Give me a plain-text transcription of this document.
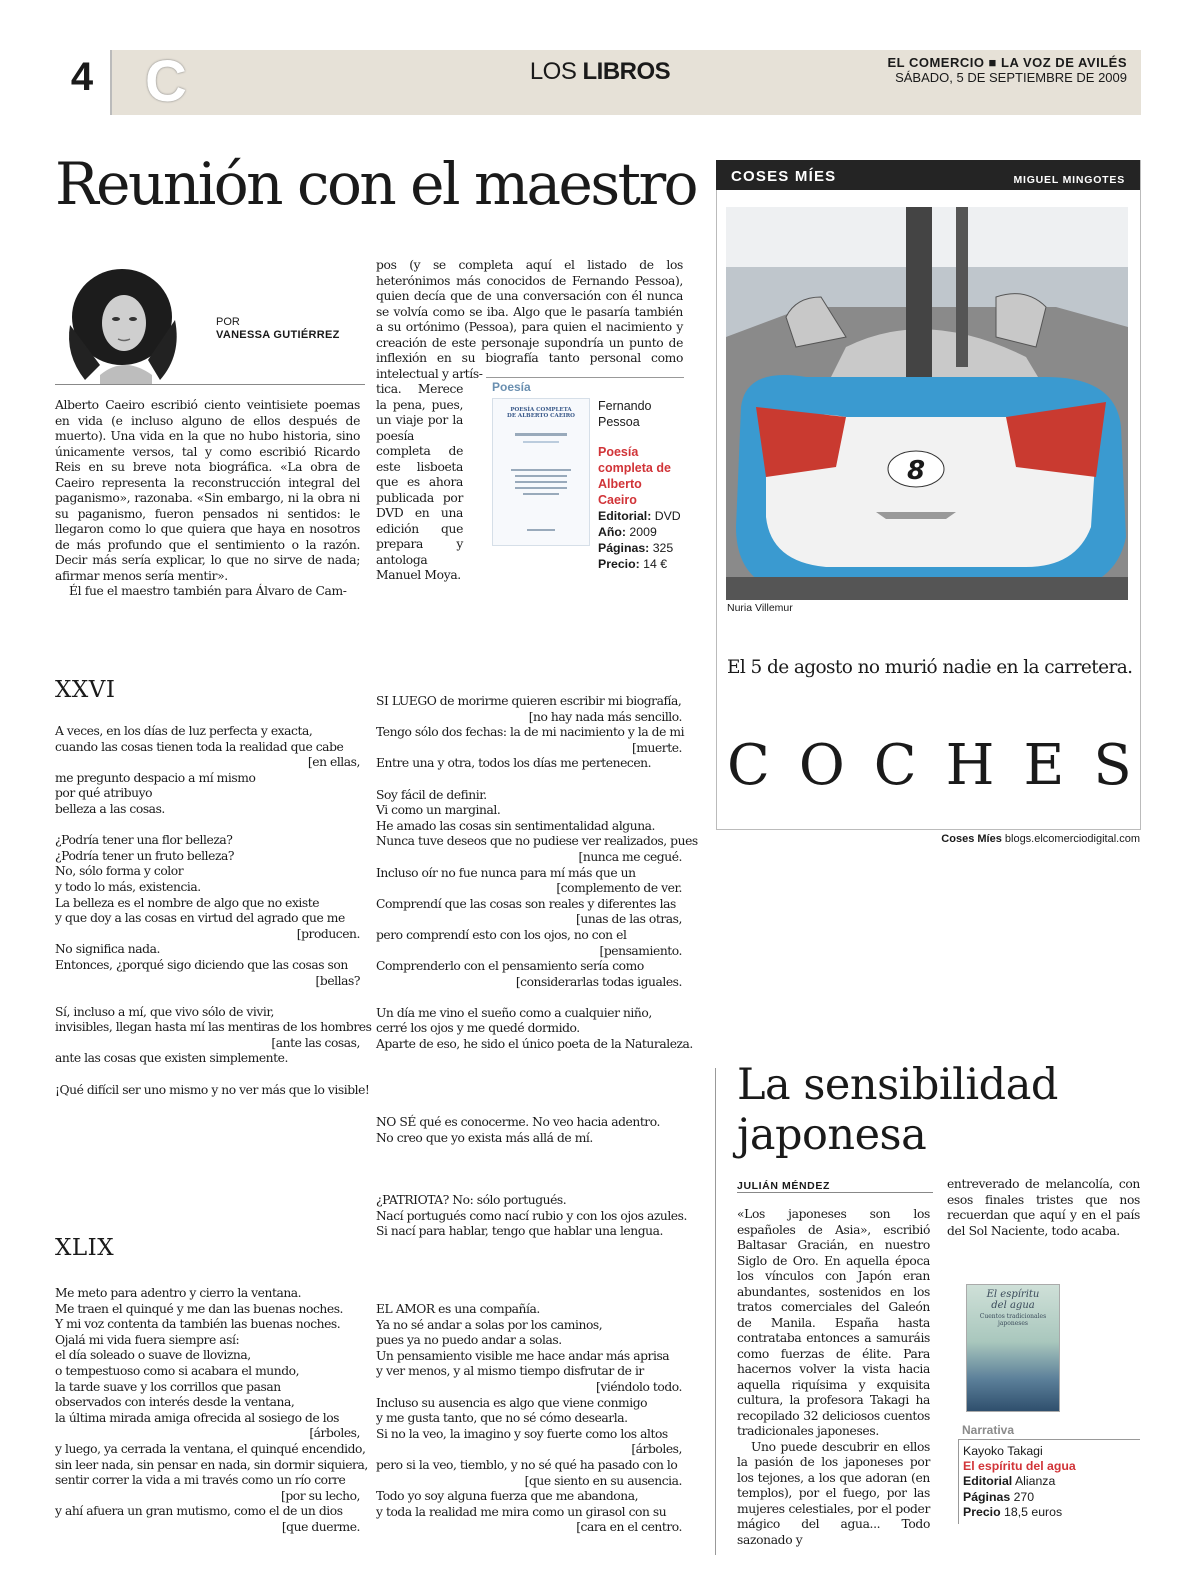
4 C	LOS LIBROS	EL COMERCIO ■ LA VOZ DE AVILÉS
SÁBADO, 5 DE SEPTIEMBRE DE 2009
Reunión con el maestro
POR
VANESSA GUTIÉRREZ

Alberto Caeiro escribió ciento veintisiete poemas en vida (e incluso alguno de ellos después de muerto). Una vida en la que no hubo historia, sino únicamente versos, tal y como escribió Ricardo Reis en su breve nota biográfica. «La obra de Caeiro representa la reconstrucción integral del paganismo», razonaba. «Sin embargo, ni la obra ni su paganismo, fueron pensados ni sentidos: le llegaron como lo que quiera que haya en nosotros de más profundo que el sentimiento o la razón. Decir más sería explicar, lo que no sirve de nada; afirmar menos sería mentir».

Él fue el maestro también para Álvaro de Cam-

pos (y se completa aquí el listado de los heterónimos más conocidos de Fernando Pessoa), quien decía que de una conversación con él nunca se volvía como se iba. Algo que le pasaría también a su ortónimo (Pessoa), para quien el nacimiento y creación de este personaje supondría un punto de inflexión en su biografía tanto personal como intelectual y artís-

tica. Merece la pena, pues, un viaje por la poesía completa de este lisboeta que es ahora publicada por DVD en una edición que prepara y antologa Manuel Moya.

Poesía
POESÍA COMPLETA
DE ALBERTO CAEIRO
Fernando Pessoa
Poesía completa de Alberto Caeiro
Editorial: DVD
Año: 2009
Páginas: 325
Precio: 14 €
COSES MÍES	MIGUEL MINGOTES
8
Nuria Villemur
El 5 de agosto no murió nadie en la carretera.
COCHES
Coses Míes blogs.elcomerciodigital.com
XXVI
XLIX
A veces, en los días de luz perfecta y exacta,
cuando las cosas tienen toda la realidad que cabe
[en ellas,
me pregunto despacio a mí mismo
por qué atribuyo
belleza a las cosas.
¿Podría tener una flor belleza?
¿Podría tener un fruto belleza?
No, sólo forma y color
y todo lo más, existencia.
La belleza es el nombre de algo que no existe
y que doy a las cosas en virtud del agrado que me
[producen.
No significa nada.
Entonces, ¿porqué sigo diciendo que las cosas son
[bellas?
Sí, incluso a mí, que vivo sólo de vivir,
invisibles, llegan hasta mí las mentiras de los hombres
[ante las cosas,
ante las cosas que existen simplemente.
¡Qué difícil ser uno mismo y no ver más que lo visible!
SI LUEGO de morirme quieren escribir mi biografía,
[no hay nada más sencillo.
Tengo sólo dos fechas: la de mi nacimiento y la de mi
[muerte.
Entre una y otra, todos los días me pertenecen.
Soy fácil de definir.
Vi como un marginal.
He amado las cosas sin sentimentalidad alguna.
Nunca tuve deseos que no pudiese ver realizados, pues
[nunca me cegué.
Incluso oír no fue nunca para mí más que un
[complemento de ver.
Comprendí que las cosas son reales y diferentes las
[unas de las otras,
pero comprendí esto con los ojos, no con el
[pensamiento.
Comprenderlo con el pensamiento sería como
[considerarlas todas iguales.
Un día me vino el sueño como a cualquier niño,
cerré los ojos y me quedé dormido.
Aparte de eso, he sido el único poeta de la Naturaleza.
NO SÉ qué es conocerme. No veo hacia adentro.
No creo que yo exista más allá de mí.
¿PATRIOTA? No: sólo portugués.
Nací portugués como nací rubio y con los ojos azules.
Si nací para hablar, tengo que hablar una lengua.
Me meto para adentro y cierro la ventana.
Me traen el quinqué y me dan las buenas noches.
Y mi voz contenta da también las buenas noches.
Ojalá mi vida fuera siempre así:
el día soleado o suave de llovizna,
o tempestuoso como si acabara el mundo,
la tarde suave y los corrillos que pasan
observados con interés desde la ventana,
la última mirada amiga ofrecida al sosiego de los
[árboles,
y luego, ya cerrada la ventana, el quinqué encendido,
sin leer nada, sin pensar en nada, sin dormir siquiera,
sentir correr la vida a mi través como un río corre
[por su lecho,
y ahí afuera un gran mutismo, como el de un dios
[que duerme.
EL AMOR es una compañía.
Ya no sé andar a solas por los caminos,
pues ya no puedo andar a solas.
Un pensamiento visible me hace andar más aprisa
y ver menos, y al mismo tiempo disfrutar de ir
[viéndolo todo.
Incluso su ausencia es algo que viene conmigo
y me gusta tanto, que no sé cómo desearla.
Si no la veo, la imagino y soy fuerte como los altos
[árboles,
pero si la veo, tiemblo, y no sé qué ha pasado con lo
[que siento en su ausencia.
Todo yo soy alguna fuerza que me abandona,
y toda la realidad me mira como un girasol con su
[cara en el centro.
La sensibilidad japonesa
JULIÁN MÉNDEZ

«Los japoneses son los españoles de Asia», escribió Baltasar Gracián, en nuestro Siglo de Oro. En aquella época los vínculos con Japón eran abundantes, sostenidos en los tratos comerciales del Galeón de Manila. España hasta contrataba entonces a samuráis como fuerzas de élite. Para hacernos volver la vista hacia aquella riquísima y exquisita cultura, la profesora Takagi ha recopilado 32 deliciosos cuentos tradicionales japoneses.

Uno puede descubrir en ellos la pasión de los japoneses por los tejones, a los que adoran (en templos), por el fuego, por las mujeres celestiales, por el poder mágico del agua... Todo sazonado y

entreverado de melancolía, con esos finales tristes que nos recuerdan que aquí y en el país del Sol Naciente, todo acaba.

El espíritu
del agua
Cuentos tradicionales japoneses
Narrativa
Kayoko Takagi
El espíritu del agua
Editorial Alianza
Páginas 270
Precio 18,5 euros
